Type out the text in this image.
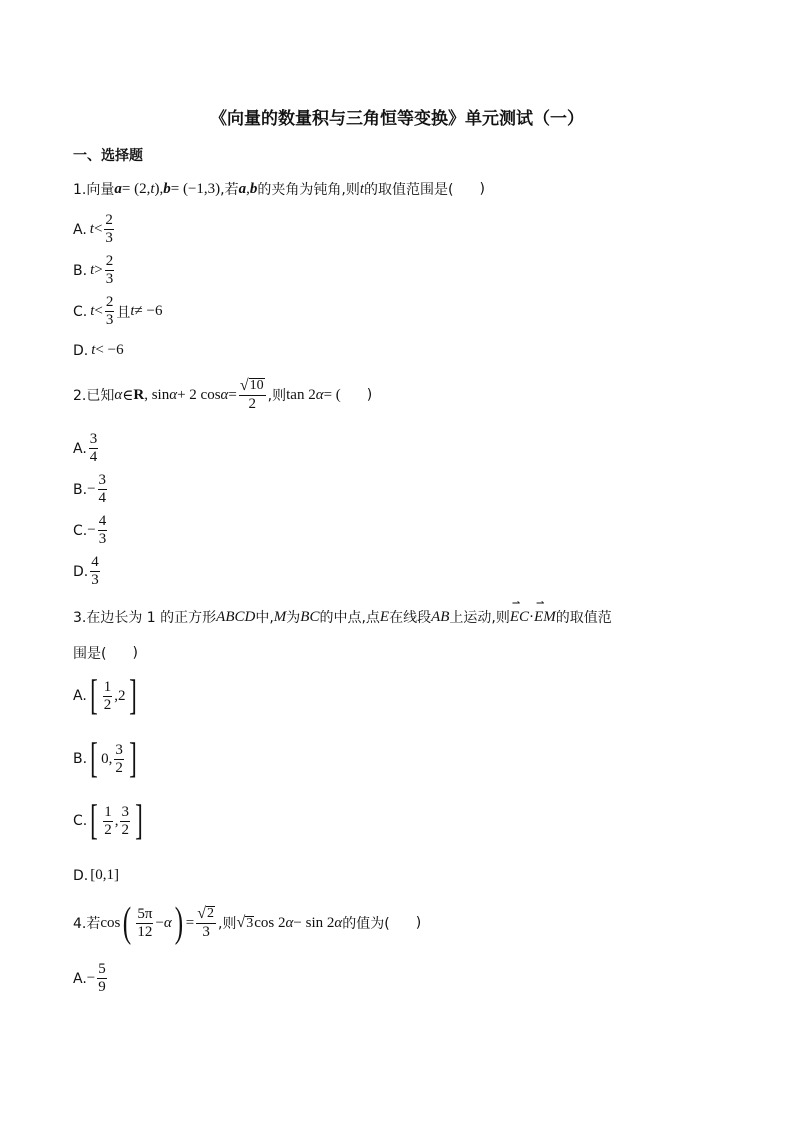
《向量的数量积与三角恒等变换》单元测试（一）
一、选择题
1.向量 a = (2, t ), b = (−1,3) ,若 a , b 的夹角为钝角,则 t 的取值范围是( )
A. $t < \frac{2}{3}$
B. $t > \frac{2}{3}$
C. $t < \frac{2}{3}$ 且 t ≠ −6
D. t < −6
2.已知 α ∈ R , sin α + 2 $\cos \alpha = \frac{√ 10}{2}$ ,则 tan 2 α = ( )
A. $\frac{3}{4}$
B. − $\frac{3}{4}$
C. − $\frac{4}{3}$
D. $\frac{4}{3}$
3.在边长为 1 的正方形 ABCD 中, M 为 BC 的中点,点 E 在线段 AB 上运动,则 ⇀ EC · ⇀ EM 的取值范
围是( )
A. [ $\frac{1}{2}$ , 2 ]
B. [ 0 , $\frac{3}{2}$ ]
C. [ $\frac{1}{2}$ , $\frac{3}{2}$ ]
D. [0,1]
4.若 cos ( $\frac{5\pi}{12} - \alpha$ ) = $\frac{√ 2}{3}$ ,则 √ 3 cos 2 α − sin 2 α 的值为( )
A. − $\frac{5}{9}$
